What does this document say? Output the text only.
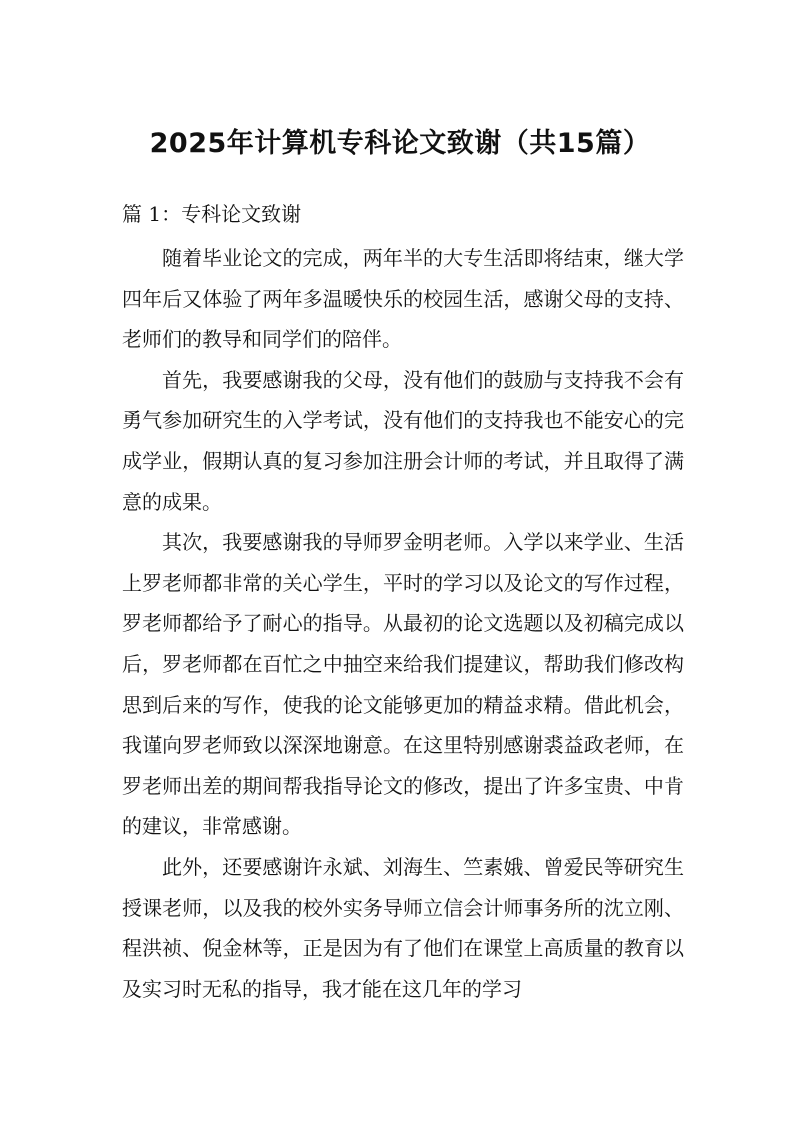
2025年计算机专科论文致谢（共15篇）
篇 1：专科论文致谢

随着毕业论文的完成，两年半的大专生活即将结束，继大学四年后又体验了两年多温暖快乐的校园生活，感谢父母的支持、老师们的教导和同学们的陪伴。

首先，我要感谢我的父母，没有他们的鼓励与支持我不会有勇气参加研究生的入学考试，没有他们的支持我也不能安心的完成学业，假期认真的复习参加注册会计师的考试，并且取得了满意的成果。

其次，我要感谢我的导师罗金明老师。入学以来学业、生活上罗老师都非常的关心学生，平时的学习以及论文的写作过程，罗老师都给予了耐心的指导。从最初的论文选题以及初稿完成以后，罗老师都在百忙之中抽空来给我们提建议，帮助我们修改构思到后来的写作，使我的论文能够更加的精益求精。借此机会，我谨向罗老师致以深深地谢意。在这里特别感谢裘益政老师，在罗老师出差的期间帮我指导论文的修改，提出了许多宝贵、中肯的建议，非常感谢。

此外，还要感谢许永斌、刘海生、竺素娥、曾爱民等研究生授课老师，以及我的校外实务导师立信会计师事务所的沈立刚、程洪祯、倪金林等，正是因为有了他们在课堂上高质量的教育以及实习时无私的指导，我才能在这几年的学习
